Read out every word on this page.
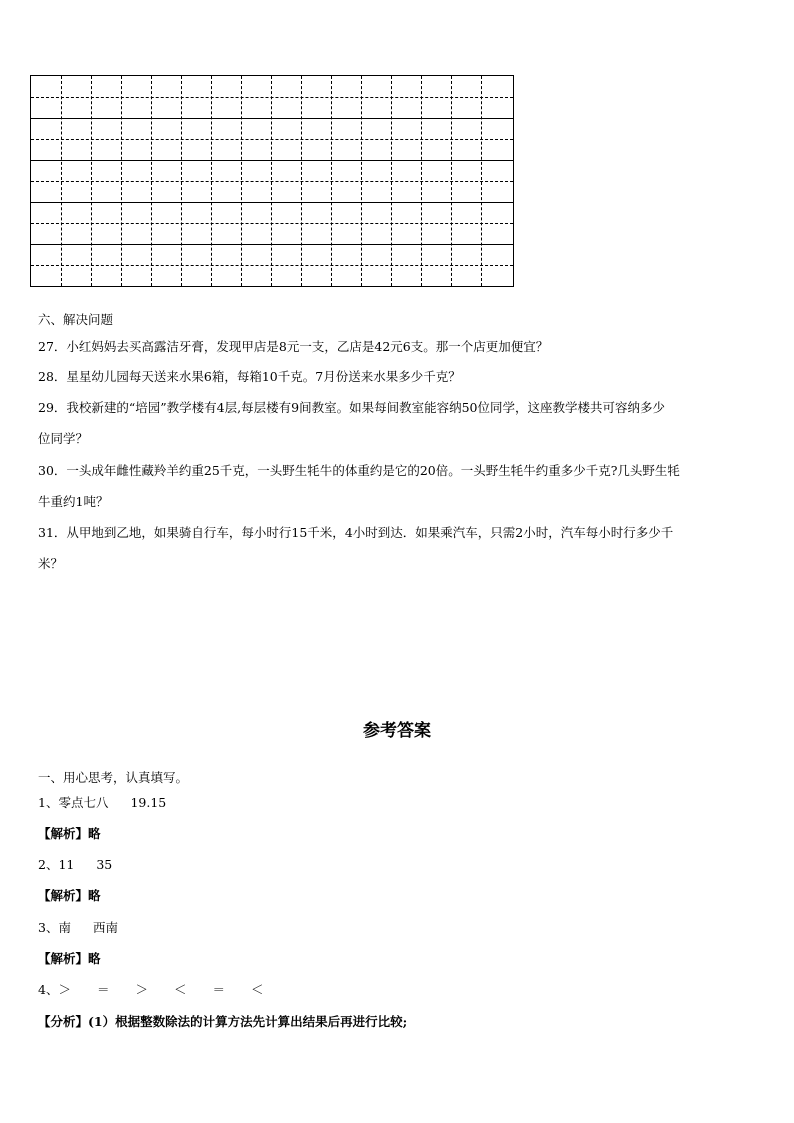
六、解决问题
27．小红妈妈去买高露洁牙膏，发现甲店是8元一支，乙店是42元6支。那一个店更加便宜？
28．星星幼儿园每天送来水果6箱，每箱10千克。7月份送来水果多少千克？
29．我校新建的“培园”教学楼有4层,每层楼有9间教室。如果每间教室能容纳50位同学，这座教学楼共可容纳多少
位同学？
30．一头成年雌性藏羚羊约重25千克，一头野生牦牛的体重约是它的20倍。一头野生牦牛约重多少千克?几头野生牦
牛重约1吨？
31．从甲地到乙地，如果骑自行车，每小时行15千米，4小时到达．如果乘汽车，只需2小时，汽车每小时行多少千
米？
参考答案
一、用心思考，认真填写。
1、零点七八 19.15
【解析】略
2、11 35
【解析】略
3、南 西南
【解析】略
4、＞ ＝ ＞ ＜ ＝ ＜
【分析】(1）根据整数除法的计算方法先计算出结果后再进行比较;
